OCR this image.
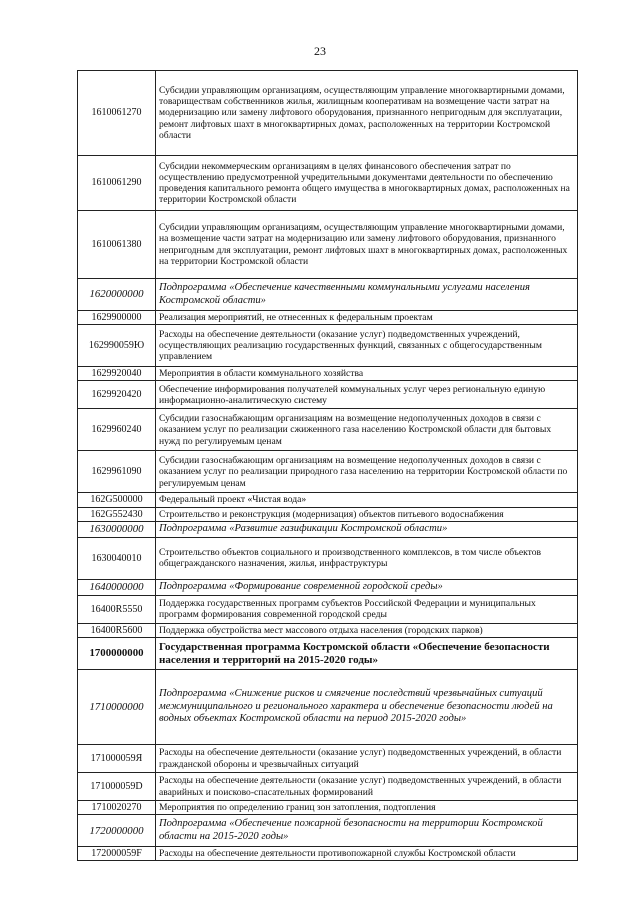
23
1610061270	Субсидии управляющим организациям, осуществляющим управление многоквартирными домами, товариществам собственников жилья, жилищным кооперативам на возмещение части затрат на модернизацию или замену лифтового оборудования, признанного непригодным для эксплуатации, ремонт лифтовых шахт в многоквартирных домах, расположенных на территории Костромской области
1610061290	Субсидии некоммерческим организациям в целях финансового обеспечения затрат по осуществлению предусмотренной учредительными документами деятельности по обеспечению проведения капитального ремонта общего имущества в многоквартирных домах, расположенных на территории Костромской области
1610061380	Субсидии управляющим организациям, осуществляющим управление многоквартирными домами, на возмещение части затрат на модернизацию или замену лифтового оборудования, признанного непригодным для эксплуатации, ремонт лифтовых шахт в многоквартирных домах, расположенных на территории Костромской области
1620000000	Подпрограмма «Обеспечение качественными коммунальными услугами населения Костромской области»
1629900000	Реализация мероприятий, не отнесенных к федеральным проектам
162990059Ю	Расходы на обеспечение деятельности (оказание услуг) подведомственных учреждений, осуществляющих реализацию государственных функций, связанных с общегосударственным управлением
1629920040	Мероприятия в области коммунального хозяйства
1629920420	Обеспечение информирования получателей коммунальных услуг через региональную единую информационно-аналитическую систему
1629960240	Субсидии газоснабжающим организациям на возмещение недополученных доходов в связи с оказанием услуг по реализации сжиженного газа населению Костромской области для бытовых нужд по регулируемым ценам
1629961090	Субсидии газоснабжающим организациям на возмещение недополученных доходов в связи с оказанием услуг по реализации природного газа населению на территории Костромской области по регулируемым ценам
162G500000	Федеральный проект «Чистая вода»
162G552430	Строительство и реконструкция (модернизация) объектов питьевого водоснабжения
1630000000	Подпрограмма «Развитие газификации Костромской области»
1630040010	Строительство объектов социального и производственного комплексов, в том числе объектов общегражданского назначения, жилья, инфраструктуры
1640000000	Подпрограмма «Формирование современной городской среды»
16400R5550	Поддержка государственных программ субъектов Российской Федерации и муниципальных программ формирования современной городской среды
16400R5600	Поддержка обустройства мест массового отдыха населения (городских парков)
1700000000	Государственная программа Костромской области «Обеспечение безопасности населения и территорий на 2015-2020 годы»
1710000000	Подпрограмма «Снижение рисков и смягчение последствий чрезвычайных ситуаций межмуниципального и регионального характера и обеспечение безопасности людей на водных объектах Костромской области на период 2015-2020 годы»
171000059Я	Расходы на обеспечение деятельности (оказание услуг) подведомственных учреждений, в области гражданской обороны и чрезвычайных ситуаций
171000059D	Расходы на обеспечение деятельности (оказание услуг) подведомственных учреждений, в области аварийных и поисково-спасательных формирований
1710020270	Мероприятия по определению границ зон затопления, подтопления
1720000000	Подпрограмма «Обеспечение пожарной безопасности на территории Костромской области на 2015-2020 годы»
172000059F	Расходы на обеспечение деятельности противопожарной службы Костромской области
